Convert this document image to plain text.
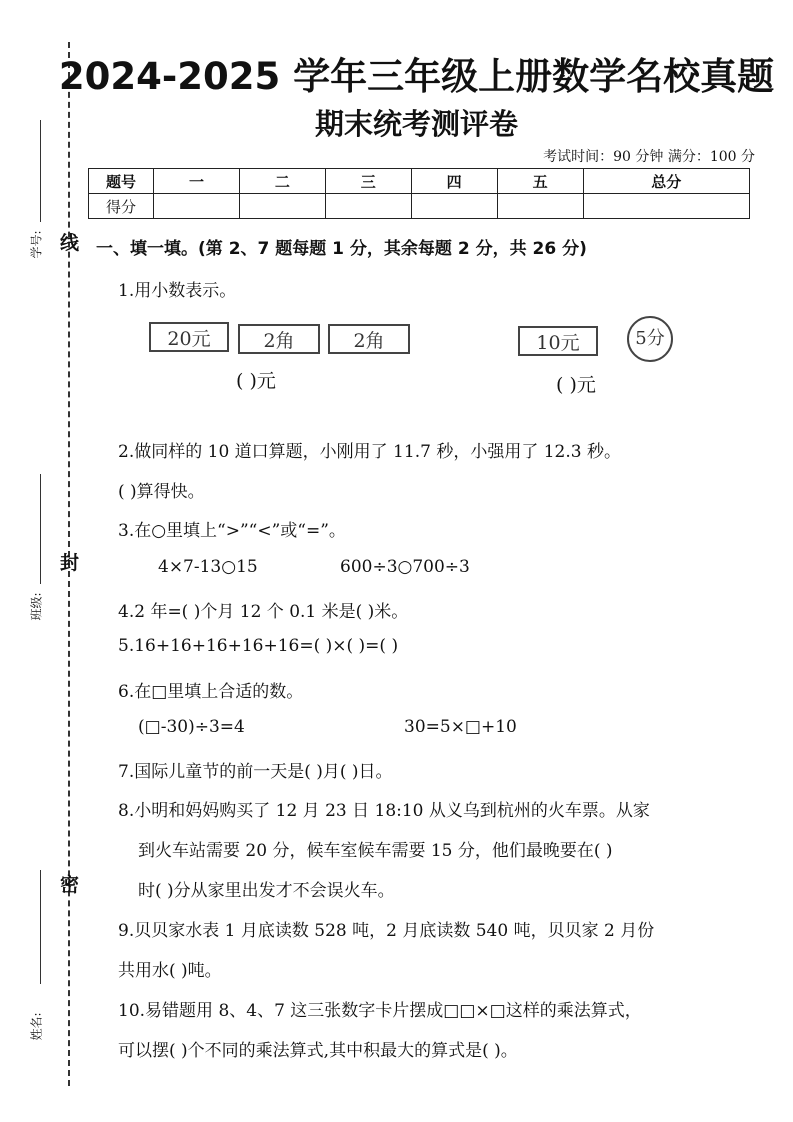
线
封
密
学号:
班级:
姓名:
2024-2025 学年三年级上册数学名校真题
期末统考测评卷
考试时间：90 分钟 满分：100 分
题号	一	二	三	四	五	总分
得分						
一、填一填。(第 2、7 题每题 1 分，其余每题 2 分，共 26 分)
1.用小数表示。
20元	2角	2角
( )元
10元	5分
( )元
2.做同样的 10 道口算题，小刚用了 11.7 秒，小强用了 12.3 秒。
( )算得快。
3.在○里填上“>”“<”或“=”。
4×7-13○15	600÷3○700÷3
4.2 年=( )个月 12 个 0.1 米是( )米。
5.16+16+16+16+16=( )×( )=( )
6.在□里填上合适的数。
(□-30)÷3=4	30=5×□+10
7.国际儿童节的前一天是( )月( )日。
8.小明和妈妈购买了 12 月 23 日 18:10 从义乌到杭州的火车票。从家
到火车站需要 20 分，候车室候车需要 15 分，他们最晚要在( )
时( )分从家里出发才不会误火车。
9.贝贝家水表 1 月底读数 528 吨，2 月底读数 540 吨，贝贝家 2 月份
共用水( )吨。
10.易错题用 8、4、7 这三张数字卡片摆成□□×□这样的乘法算式，
可以摆( )个不同的乘法算式,其中积最大的算式是( )。
